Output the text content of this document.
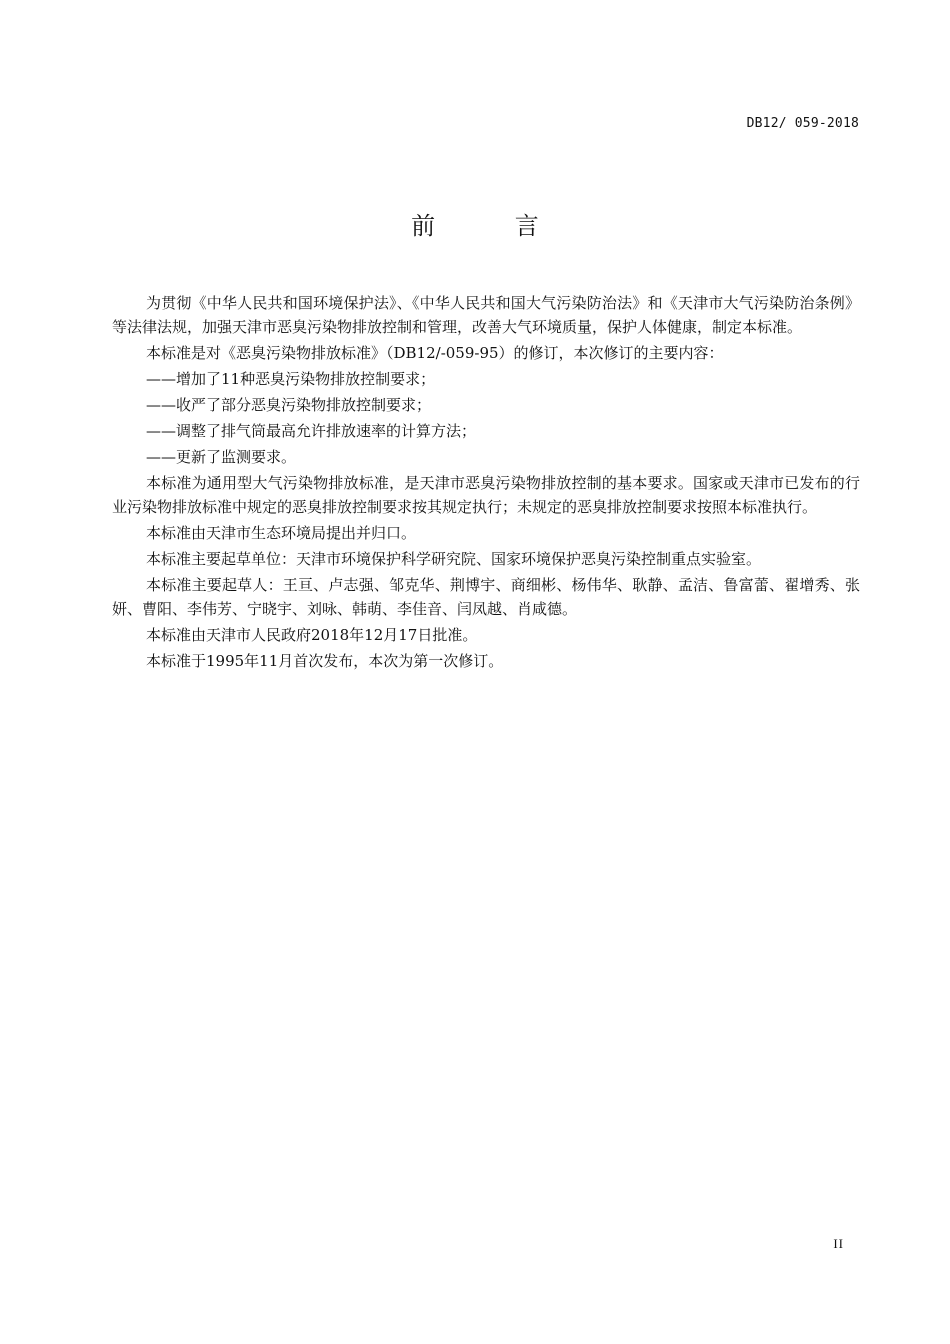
DB12/ 059-2018
前 言

为贯彻《中华人民共和国环境保护法》、《中华人民共和国大气污染防治法》和《天津市大气污染防治条例》等法律法规，加强天津市恶臭污染物排放控制和管理，改善大气环境质量，保护人体健康，制定本标准。

本标准是对《恶臭污染物排放标准》（DB12/-059-95）的修订，本次修订的主要内容：

——增加了11种恶臭污染物排放控制要求；

——收严了部分恶臭污染物排放控制要求；

——调整了排气筒最高允许排放速率的计算方法；

——更新了监测要求。

本标准为通用型大气污染物排放标准，是天津市恶臭污染物排放控制的基本要求。国家或天津市已发布的行业污染物排放标准中规定的恶臭排放控制要求按其规定执行；未规定的恶臭排放控制要求按照本标准执行。

本标准由天津市生态环境局提出并归口。

本标准主要起草单位：天津市环境保护科学研究院、国家环境保护恶臭污染控制重点实验室。

本标准主要起草人：王亘、卢志强、邹克华、荆博宇、商细彬、杨伟华、耿静、孟洁、鲁富蕾、翟增秀、张妍、曹阳、李伟芳、宁晓宇、刘咏、韩萌、李佳音、闫凤越、肖咸德。

本标准由天津市人民政府2018年12月17日批准。

本标准于1995年11月首次发布，本次为第一次修订。

II
